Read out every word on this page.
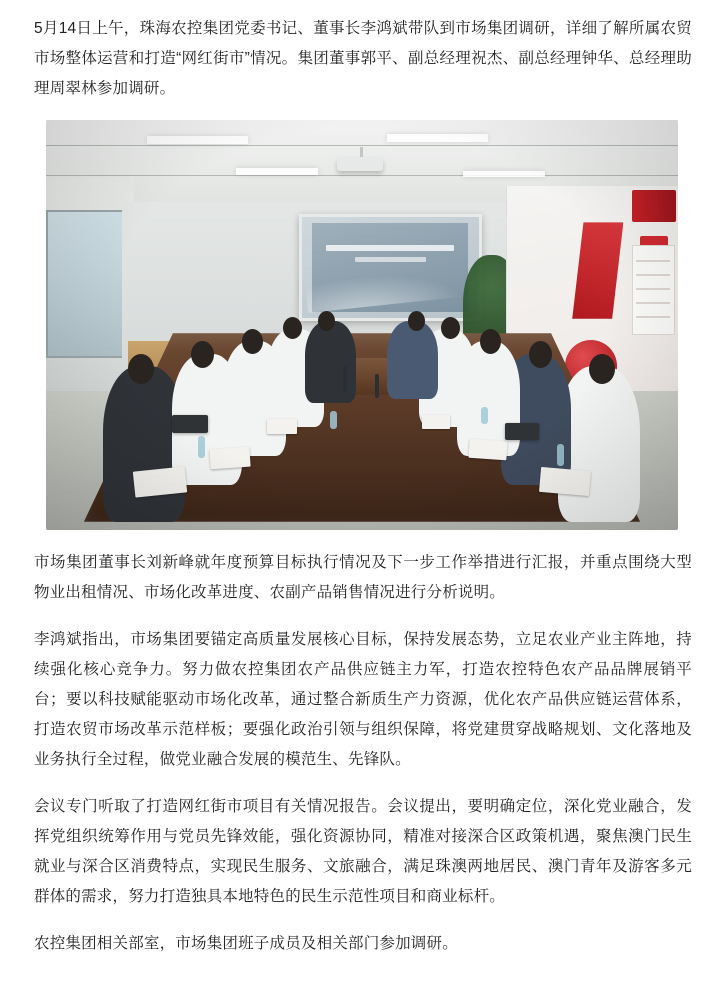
5月14日上午，珠海农控集团党委书记、董事长李鸿斌带队到市场集团调研，详细了解所属农贸市场整体运营和打造“网红街市”情况。集团董事郭平、副总经理祝杰、副总经理钟华、总经理助理周翠林参加调研。

市场集团董事长刘新峰就年度预算目标执行情况及下一步工作举措进行汇报，并重点围绕大型物业出租情况、市场化改革进度、农副产品销售情况进行分析说明。

李鸿斌指出，市场集团要锚定高质量发展核心目标，保持发展态势，立足农业产业主阵地，持续强化核心竞争力。努力做农控集团农产品供应链主力军，打造农控特色农产品品牌展销平台；要以科技赋能驱动市场化改革，通过整合新质生产力资源，优化农产品供应链运营体系，打造农贸市场改革示范样板；要强化政治引领与组织保障，将党建贯穿战略规划、文化落地及业务执行全过程，做党业融合发展的模范生、先锋队。

会议专门听取了打造网红街市项目有关情况报告。会议提出，要明确定位，深化党业融合，发挥党组织统筹作用与党员先锋效能，强化资源协同，精准对接深合区政策机遇，聚焦澳门民生就业与深合区消费特点，实现民生服务、文旅融合，满足珠澳两地居民、澳门青年及游客多元群体的需求，努力打造独具本地特色的民生示范性项目和商业标杆。

农控集团相关部室，市场集团班子成员及相关部门参加调研。
